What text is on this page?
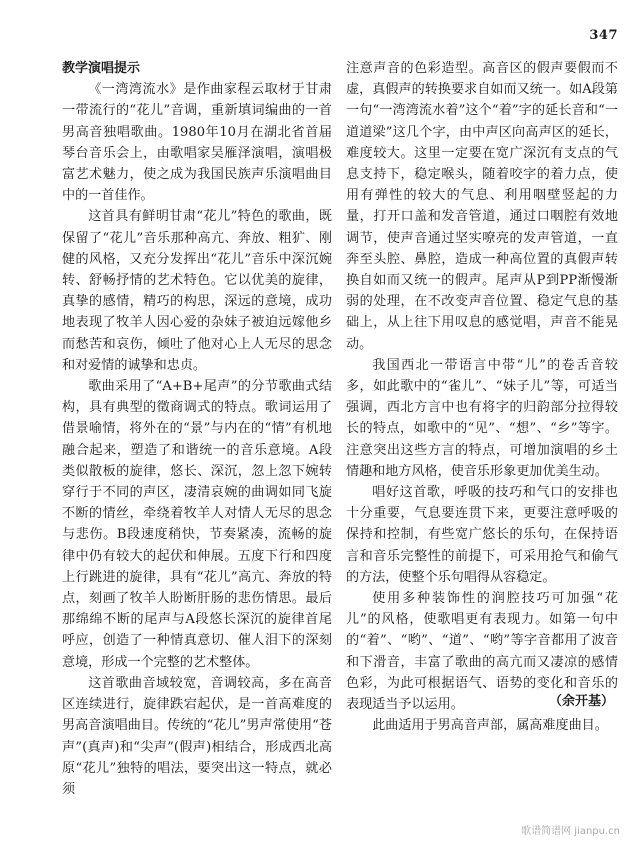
347

教学演唱提示

《一湾湾流水》是作曲家程云取材于甘肃一带流行的“花儿”音调，重新填词编曲的一首男高音独唱歌曲。1980年10月在湖北省首届琴台音乐会上，由歌唱家吴雁泽演唱，演唱极富艺术魅力，使之成为我国民族声乐演唱曲目中的一首佳作。

这首具有鲜明甘肃“花儿”特色的歌曲，既保留了“花儿”音乐那种高亢、奔放、粗犷、刚健的风格，又充分发挥出“花儿”音乐中深沉婉转、舒畅抒情的艺术特色。它以优美的旋律，真挚的感情，精巧的构思，深远的意境，成功地表现了牧羊人因心爱的杂妹子被迫远嫁他乡而愁苦和哀伤，倾吐了他对心上人无尽的思念和对爱情的诚挚和忠贞。

歌曲采用了“A+B+尾声”的分节歌曲式结构，具有典型的徵商调式的特点。歌词运用了借景喻情，将外在的“景”与内在的“情”有机地融合起来，塑造了和谐统一的音乐意境。A段类似散板的旋律，悠长、深沉，忽上忽下婉转穿行于不同的声区，凄清哀婉的曲调如同飞旋不断的情丝，牵绕着牧羊人对情人无尽的思念与悲伤。B段速度稍快，节奏紧凑，流畅的旋律中仍有较大的起伏和伸展。五度下行和四度上行跳进的旋律，具有“花儿”高亢、奔放的特点，刻画了牧羊人盼断肝肠的悲伤情思。最后那绵绵不断的尾声与A段悠长深沉的旋律首尾呼应，创造了一种情真意切、催人泪下的深刻意境，形成一个完整的艺术整体。

这首歌曲音域较宽，音调较高，多在高音区连续进行，旋律跌宕起伏，是一首高难度的男高音演唱曲目。传统的“花儿”男声常使用“苍声”(真声)和“尖声”(假声)相结合，形成西北高原“花儿”独特的唱法，要突出这一特点，就必须

注意声音的色彩造型。高音区的假声要假而不虚，真假声的转换要求自如而又统一。如A段第一句“一湾湾流水着”这个“着”字的延长音和“一道道梁”这几个字，由中声区向高声区的延长，难度较大。这里一定要在宽广深沉有支点的气息支持下，稳定喉头，随着咬字的着力点，使用有弹性的较大的气息、利用咽壁竖起的力量，打开口盖和发音管道，通过口咽腔有效地调节，使声音通过坚实嘹亮的发声管道，一直奔至头腔、鼻腔，造成一种高位置的真假声转换自如而又统一的假声。尾声从P到PP渐慢渐弱的处理，在不改变声音位置、稳定气息的基础上，从上往下用叹息的感觉唱，声音不能晃动。

我国西北一带语言中带“儿”的卷舌音较多，如此歌中的“雀儿”、“妹子儿”等，可适当强调，西北方言中也有将字的归韵部分拉得较长的特点，如歌中的“见”、“想”、“乡”等字。注意突出这些方言的特点，可增加演唱的乡土情趣和地方风格，使音乐形象更加优美生动。

唱好这首歌，呼吸的技巧和气口的安排也十分重要，气息要连贯下来，更要注意呼吸的保持和控制，有些宽广悠长的乐句，在保持语言和音乐完整性的前提下，可采用抢气和偷气的方法，使整个乐句唱得从容稳定。

使用多种装饰性的润腔技巧可加强“花儿”的风格，使歌唱更有表现力。如第一句中的“着”、“哟”、“道”、“哟”等字音都用了波音和下滑音，丰富了歌曲的高亢而又凄凉的感情色彩，为此可根据语气、语势的变化和音乐的表现适当予以运用。

此曲适用于男高音声部，属高难度曲目。

（余开基）
歌谱简谱网 jianpu.cn
